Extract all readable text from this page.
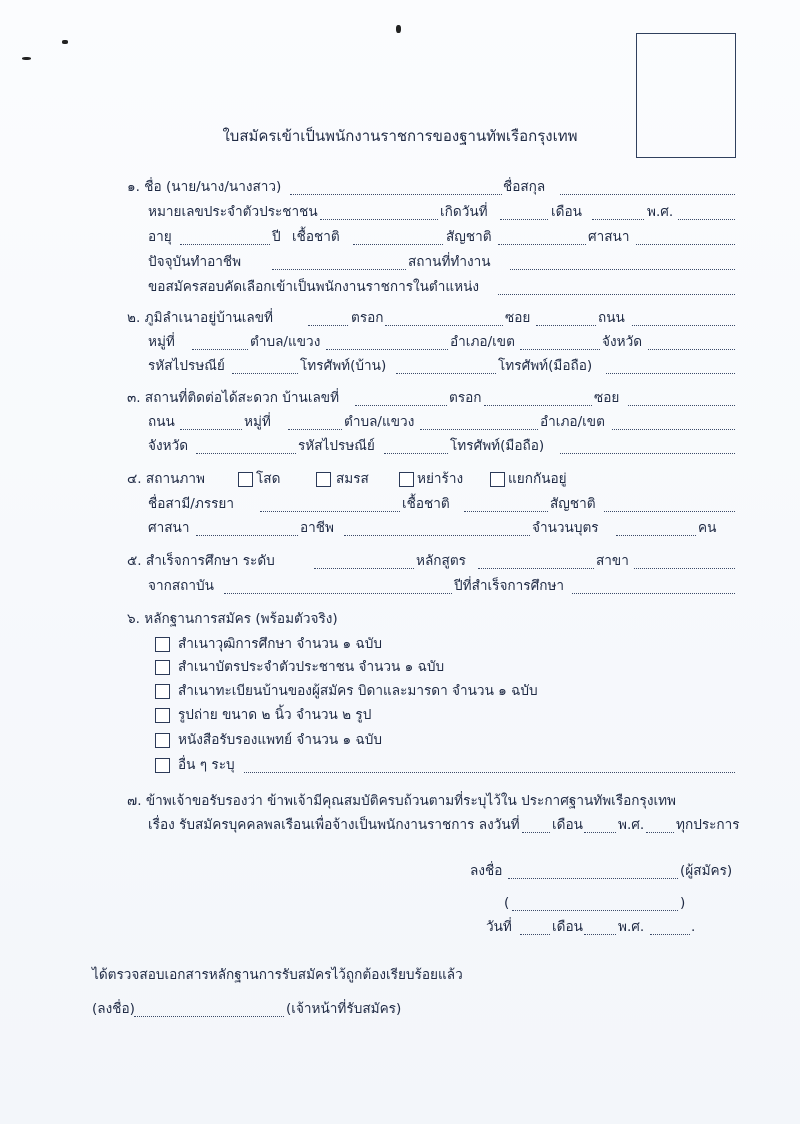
ใบสมัครเข้าเป็นพนักงานราชการของฐานทัพเรือกรุงเทพ
๑. ชื่อ (นาย/นาง/นางสาว)	ชื่อสกุล
หมายเลขประจำตัวประชาชน	เกิดวันที่	เดือน	พ.ศ.
อายุ	ปี เชื้อชาติ	สัญชาติ	ศาสนา
ปัจจุบันทำอาชีพ	สถานที่ทำงาน
ขอสมัครสอบคัดเลือกเข้าเป็นพนักงานราชการในตำแหน่ง
๒. ภูมิลำเนาอยู่บ้านเลขที่	ตรอก	ซอย	ถนน
หมู่ที่	ตำบล/แขวง	อำเภอ/เขต	จังหวัด
รหัสไปรษณีย์	โทรศัพท์(บ้าน)	โทรศัพท์(มือถือ)
๓. สถานที่ติดต่อได้สะดวก บ้านเลขที่	ตรอก	ซอย
ถนน	หมู่ที่	ตำบล/แขวง	อำเภอ/เขต
จังหวัด	รหัสไปรษณีย์	โทรศัพท์(มือถือ)
๔. สถานภาพ	โสด	สมรส	หย่าร้าง	แยกกันอยู่
ชื่อสามี/ภรรยา	เชื้อชาติ	สัญชาติ
ศาสนา	อาชีพ	จำนวนบุตร	คน
๕. สำเร็จการศึกษา ระดับ	หลักสูตร	สาขา
จากสถาบัน	ปีที่สำเร็จการศึกษา
๖. หลักฐานการสมัคร (พร้อมตัวจริง)
สำเนาวุฒิการศึกษา จำนวน ๑ ฉบับ
สำเนาบัตรประจำตัวประชาชน จำนวน ๑ ฉบับ
สำเนาทะเบียนบ้านของผู้สมัคร บิดาและมารดา จำนวน ๑ ฉบับ
รูปถ่าย ขนาด ๒ นิ้ว จำนวน ๒ รูป
หนังสือรับรองแพทย์ จำนวน ๑ ฉบับ
อื่น ๆ ระบุ
๗. ข้าพเจ้าขอรับรองว่า ข้าพเจ้ามีคุณสมบัติครบถ้วนตามที่ระบุไว้ใน ประกาศฐานทัพเรือกรุงเทพ
เรื่อง รับสมัครบุคคลพลเรือนเพื่อจ้างเป็นพนักงานราชการ ลงวันที่ เดือน	พ.ศ. ทุกประการ
ลงชื่อ	(ผู้สมัคร)
(	)
วันที่	เดือน	พ.ศ.	.
ได้ตรวจสอบเอกสารหลักฐานการรับสมัครไว้ถูกต้องเรียบร้อยแล้ว
(ลงชื่อ)	(เจ้าหน้าที่รับสมัคร)
